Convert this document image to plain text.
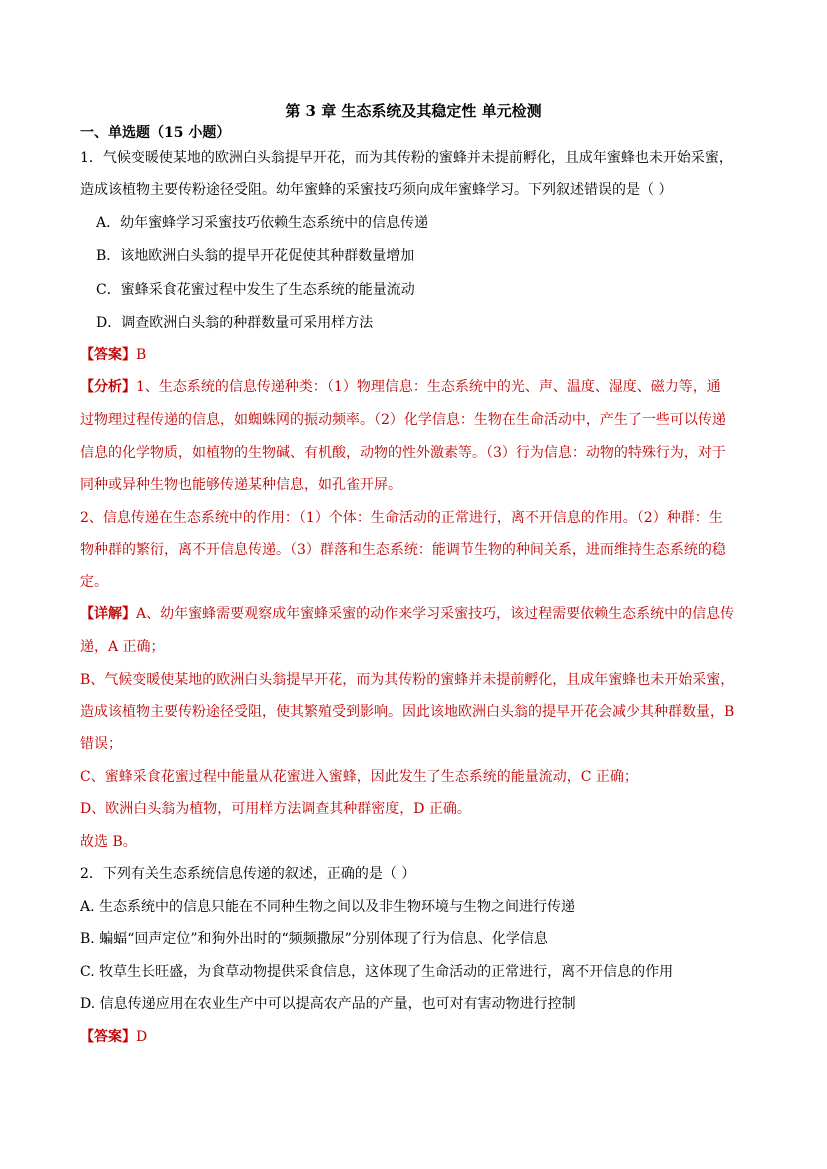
第 3 章 生态系统及其稳定性 单元检测
一、单选题（15 小题）
1．气候变暖使某地的欧洲白头翁提早开花，而为其传粉的蜜蜂并未提前孵化，且成年蜜蜂也未开始采蜜，
造成该植物主要传粉途径受阻。幼年蜜蜂的采蜜技巧须向成年蜜蜂学习。下列叙述错误的是（ ）
A．幼年蜜蜂学习采蜜技巧依赖生态系统中的信息传递
B．该地欧洲白头翁的提早开花促使其种群数量增加
C．蜜蜂采食花蜜过程中发生了生态系统的能量流动
D．调查欧洲白头翁的种群数量可采用样方法
【答案】B
【分析】1、生态系统的信息传递种类：（1）物理信息：生态系统中的光、声、温度、湿度、磁力等，通
过物理过程传递的信息，如蜘蛛网的振动频率。（2）化学信息：生物在生命活动中，产生了一些可以传递
信息的化学物质，如植物的生物碱、有机酸，动物的性外激素等。（3）行为信息：动物的特殊行为，对于
同种或异种生物也能够传递某种信息，如孔雀开屏。
2、信息传递在生态系统中的作用：（1）个体：生命活动的正常进行，离不开信息的作用。（2）种群：生
物种群的繁衍，离不开信息传递。（3）群落和生态系统：能调节生物的种间关系，进而维持生态系统的稳
定。
【详解】A、幼年蜜蜂需要观察成年蜜蜂采蜜的动作来学习采蜜技巧，该过程需要依赖生态系统中的信息传
递，A 正确；
B、气候变暖使某地的欧洲白头翁提早开花，而为其传粉的蜜蜂并未提前孵化，且成年蜜蜂也未开始采蜜，
造成该植物主要传粉途径受阻，使其繁殖受到影响。因此该地欧洲白头翁的提早开花会减少其种群数量，B
错误；
C、蜜蜂采食花蜜过程中能量从花蜜进入蜜蜂，因此发生了生态系统的能量流动，C 正确；
D、欧洲白头翁为植物，可用样方法调查其种群密度，D 正确。
故选 B。
2．下列有关生态系统信息传递的叙述，正确的是（ ）
A. 生态系统中的信息只能在不同种生物之间以及非生物环境与生物之间进行传递
B. 蝙蝠“回声定位”和狗外出时的“频频撒尿”分别体现了行为信息、化学信息
C. 牧草生长旺盛，为食草动物提供采食信息，这体现了生命活动的正常进行，离不开信息的作用
D. 信息传递应用在农业生产中可以提高农产品的产量，也可对有害动物进行控制
【答案】D
